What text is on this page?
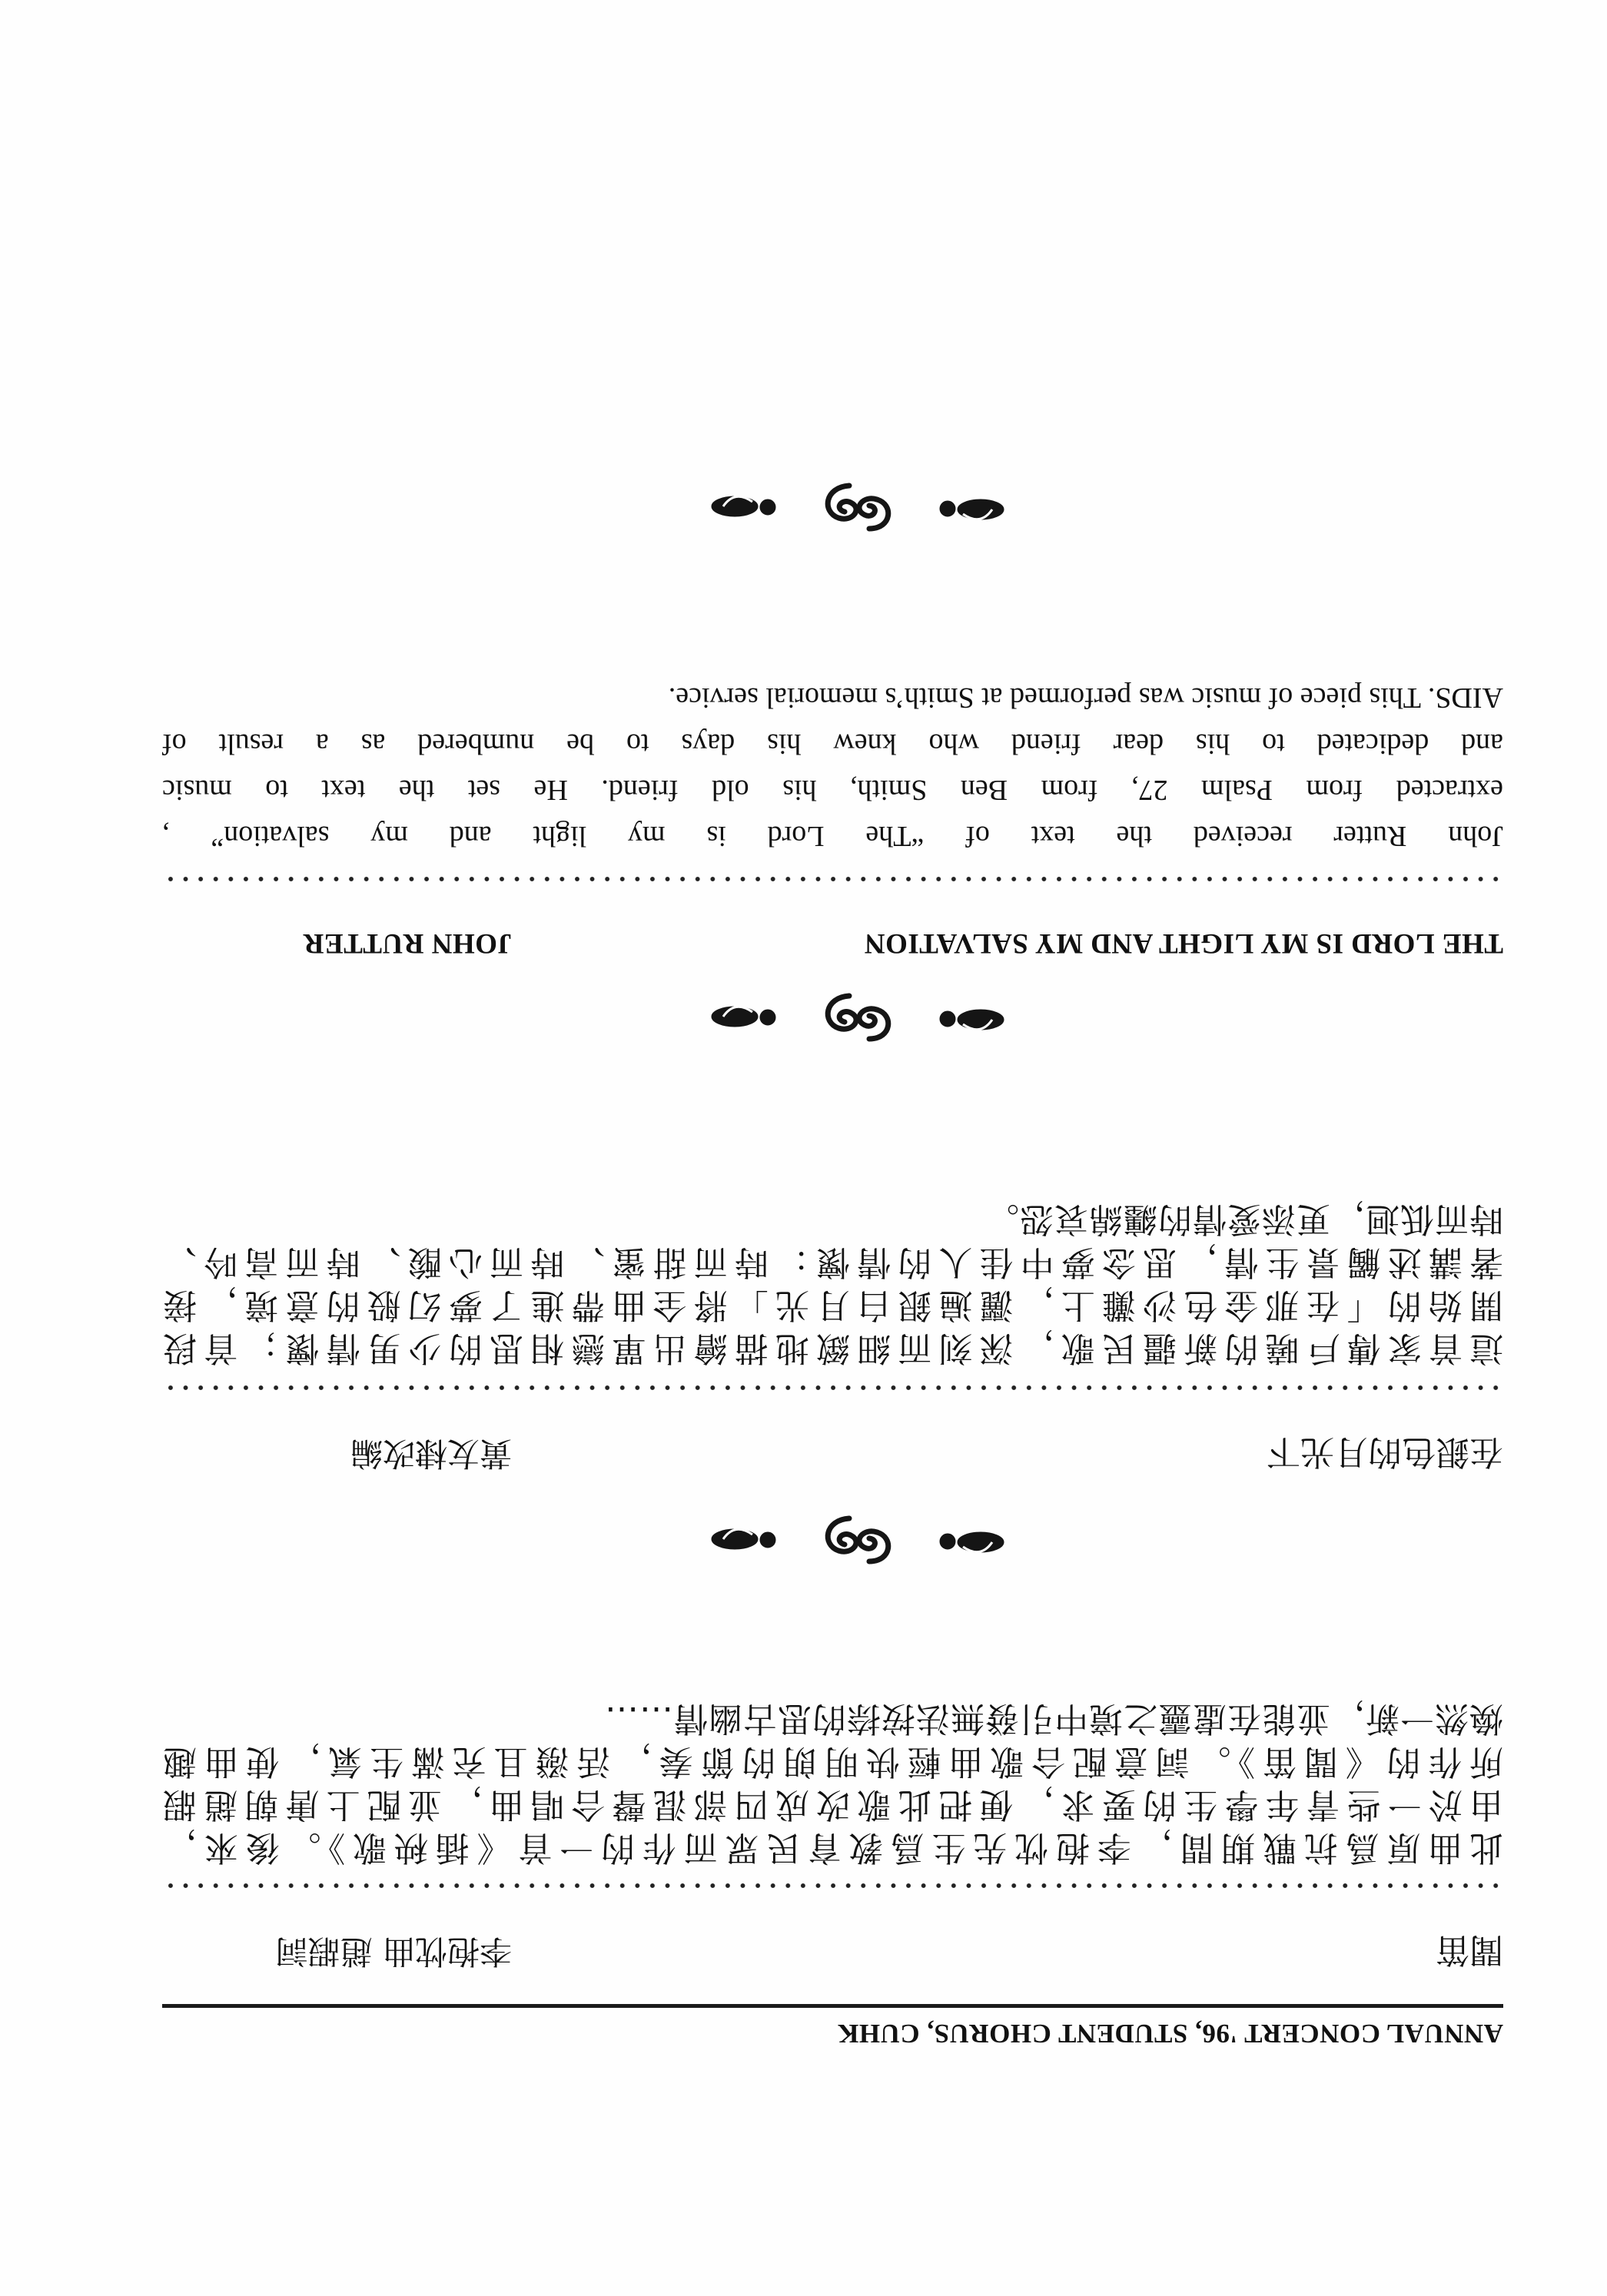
ANNUAL CONCERT '96, STUDENT CHORUS, CUHK
聞笛
李抱忱曲 趙嘏詞
此曲原爲抗戰期間，李抱忱先生爲教育民眾而作的一首《插秧歌》。後來，
由於一些青年學生的要求，便把此歌改成四部混聲合唱曲，並配上唐朝趙嘏
所作的《聞笛》。詞意配合歌曲輕快明朗的節奏，活潑且充滿生氣，使曲趣
煥然一新，並能在虛靈之境中引發無法按捺的思古幽情……
在銀色的月光下
黃友棣改編
這首家傳戶曉的新疆民歌，深刻而細緻地描繪出單戀相思的少男情懷；首段
開始的「在那金色沙灘上，灑遍銀白月光」將全曲帶進了夢幻般的意境，接
著講述觸景生情，思念夢中佳人的情懷：時而甜蜜、時而心酸、時而高吟、
時而低迴，更添愛情的纏綿哀怨。
THE LORD IS MY LIGHT AND MY SALVATION
JOHN RUTTER
John Rutter received the text of “The Lord is my light and my salvation” ,
extracted from Psalm 27, from Ben Smith, his old friend. He set the text to music
and dedicated to his dear friend who knew his days to be numbered as a result of
AIDS. This piece of music was performed at Smith’s memorial service.
